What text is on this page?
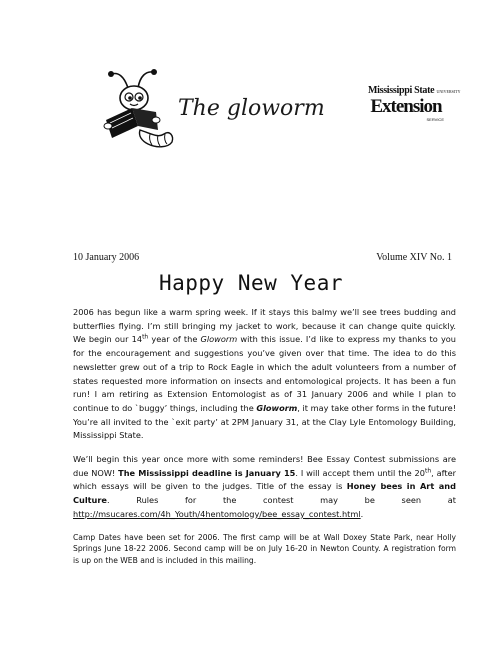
The gloworm
Mississippi State UNIVERSITY
Extension
SERVICE
10 January 2006	Volume XIV No. 1
Happy New Year

2006 has begun like a warm spring week. If it stays this balmy we’ll see trees budding and butterflies flying. I’m still bringing my jacket to work, because it can change quite quickly. We begin our 14th year of the Gloworm with this issue. I’d like to express my thanks to you for the encouragement and suggestions you’ve given over that time. The idea to do this newsletter grew out of a trip to Rock Eagle in which the adult volunteers from a number of states requested more information on insects and entomological projects. It has been a fun run! I am retiring as Extension Entomologist as of 31 January 2006 and while I plan to continue to do `buggy’ things, including the Gloworm, it may take other forms in the future! You’re all invited to the `exit party’ at 2PM January 31, at the Clay Lyle Entomology Building, Mississippi State.

We’ll begin this year once more with some reminders! Bee Essay Contest submissions are due NOW! The Mississippi deadline is January 15. I will accept them until the 20th, after which essays will be given to the judges. Title of the essay is Honey bees in Art and Culture. Rules for the contest may be seen at http://msucares.com/4h_Youth/4hentomology/bee_essay_contest.html.

Camp Dates have been set for 2006. The first camp will be at Wall Doxey State Park, near Holly Springs June 18-22 2006. Second camp will be on July 16-20 in Newton County. A registration form is up on the WEB and is included in this mailing.
